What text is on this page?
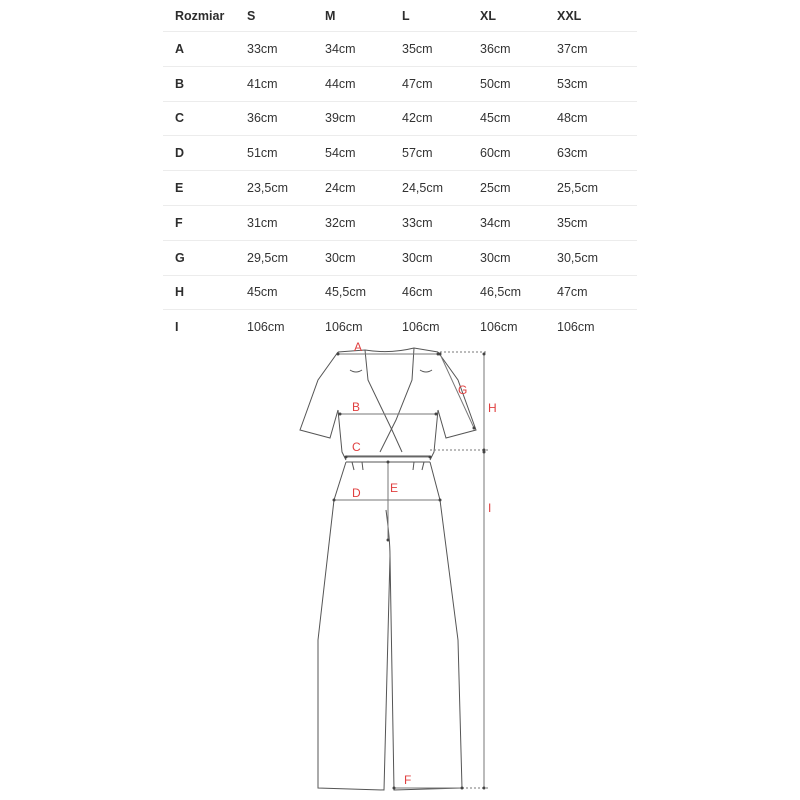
Rozmiar	S	M	L	XL	XXL
A	33cm	34cm	35cm	36cm	37cm
B	41cm	44cm	47cm	50cm	53cm
C	36cm	39cm	42cm	45cm	48cm
D	51cm	54cm	57cm	60cm	63cm
E	23,5cm	24cm	24,5cm	25cm	25,5cm
F	31cm	32cm	33cm	34cm	35cm
G	29,5cm	30cm	30cm	30cm	30,5cm
H	45cm	45,5cm	46cm	46,5cm	47cm
I	106cm	106cm	106cm	106cm	106cm
A
B
C
D E
F
G
H
I
